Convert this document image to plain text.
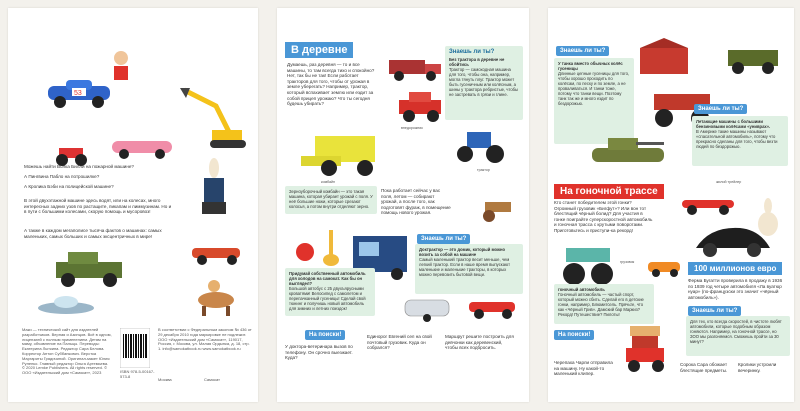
53
Можешь найти Волка Билли на пожарной машине?
А Пингвина Пабло на потрошилке?
А Кролика Бэби на полицейской машине?
В этой двухэтажной машине здесь водят, или на колесах, много интересных задних узов по растащите, пикапам и лиммузинам. Но и в пути с большими колесами, скорую помощь и мусоровоз!
А также в каждом мегаполисе тысяча фактов о машинах: самых маленьких, самых больших и самых эксцентричных в мире!
Маки — технический сайт для издателей разработчиков. Верная и Азинцов. Всё в одном, лицензией с полным применением. Детям на маму, объявление на Пальцы. Переводы: Екатерина Лыткина. Редактор Сара Белова. Корректор Антон Суббанкович. Верстка Маргариты Грядичиной. Оригинал-макет Юлия Руленко. Главный редактор Ольга Артемьева. © 2020 Lemke Publishers. All rights reserved. © ООО «Издательский дом «Самокат», 2023	ISBN 978-5-00167-573-8
В соответствии с Федеральным законом № 436 от 29 декабря 2010 года маркировке не подлежит. ООО «Издательский дом «Самокат», 119017, Россия, г. Москва, ул. Малая Ордынка, д. 18, стр. 1. info@samokatbook.ru www.samokatbook.ru
Москва	Самокат
В деревне
Думаешь, раз деревня — то и все машины, то там всегда тихо и спокойно? Нет, так бы не так! Если работает тракторов для того, чтобы от урожая в земле уберегать? Например, трактор, который вспахивает землю или ездит за собой прицеп урожаю? Что ты сегодня будешь убирать?
Знаешь ли ты?
Без трактора в деревне не обойтись
Трактор — самоходная машина для того, чтобы она, например, могла тянуть плуг. Трактор может быть гусеничным или колёсным, а шины у трактора ребристые, чтобы не застревать в грязи и глине.
внедорожник
комбайн
трактор
Зерноуборочный комбайн — это такая машина, которая убирает урожай с поля. У неё большие ножи, которые срезают колосья, а потом внутри отделяют зерно.
Пока работает сейчас у вас поля, летом — собирают урожай, а после того, как подготовят фураж, в помещение помощь нового урожая.
Знаешь ли ты?
Доктрактор — это домик, который можно возить за собой на машине
Самый маленький трактор весит меньше, чем легкий трактор. Если в наше время выпускают маленькие и маленькие тракторы, в которых можно перевозить бытовой вещи.
Придумай собственный автомобиль для холодов на самокат. Как бы он выглядел?
Большой автобус с 25 двухъярусными кроватями! Велосипед с самолетом и перепачканный гусеницы! Сделай свой тюнинг и получишь новый автомобиль для зимних и летних поездок!
На поиски!
У доктора-ветеринара вызов по телефону. Он срочно выезжает. Куда?
Единорог Евгений сел на свой почтовый грузовик. Куда он собрался?
Маршрут решите построить для девчонки как деревенский, чтобы всех подбросить.
Знаешь ли ты?
У танка вместо обычных колёс гусеницы
Длинные цепные гусеницы для того, чтобы хорошо проходить по колёсам, по песку и по земле, а не проваливаться. И танки тоже, потому что танки вещи. Поэтому танк так же и много ездит по бездорожью.
Знаешь ли ты?
Летающие машины с большими бензиновыми колёсами «униврах».
В Америке такие машины называют «спасательной автомобиль», потому что прекрасно сделаны для того, чтобы везти людей по бездорожью.
На гоночной трассе
Кто станет победителем этой гонки? Огромный грузовик «Бигфут»? Или вон тот блестящий чёрный болид? Для участия в гонке поиграйте суперскоростной автомобиль и гоночная трасса с крутыми поворотами. Приготовьтесь и приступи-ка рекорд!
жилой трейлер
грузовик
100 миллионов евро
Ферма Бугатти проверила в продажу в 1936 по 1939 год четыре автомобиля «Ла вуатюр нуар» (по-французски это значит «чёрный автомобиль»).
гоночный автомобиль
Гоночный автомобиль — частый спорт, который можно сбить. Сделай его в детские гонки, например, Блюмитсель. Прячьте, что как «Чёрный Грив». Дамский бар Маркиз? Рекорд! Путешествие? Пилоты!
Знаешь ли ты?
Для тех, кто всегда скоростей, в чистоте любят автомобили, которые подобным образом гоняются. Например, на гоночной трассе, но ЗОО мы разгоняемся. Сможешь пройти за 30 минут?
На поиски!
Черепаха Чарли отправила на машину. Ну какой-то маленький клипер.
Сорока Сара обожает блестящие предметы.
Кролики устроили вечеринку.
